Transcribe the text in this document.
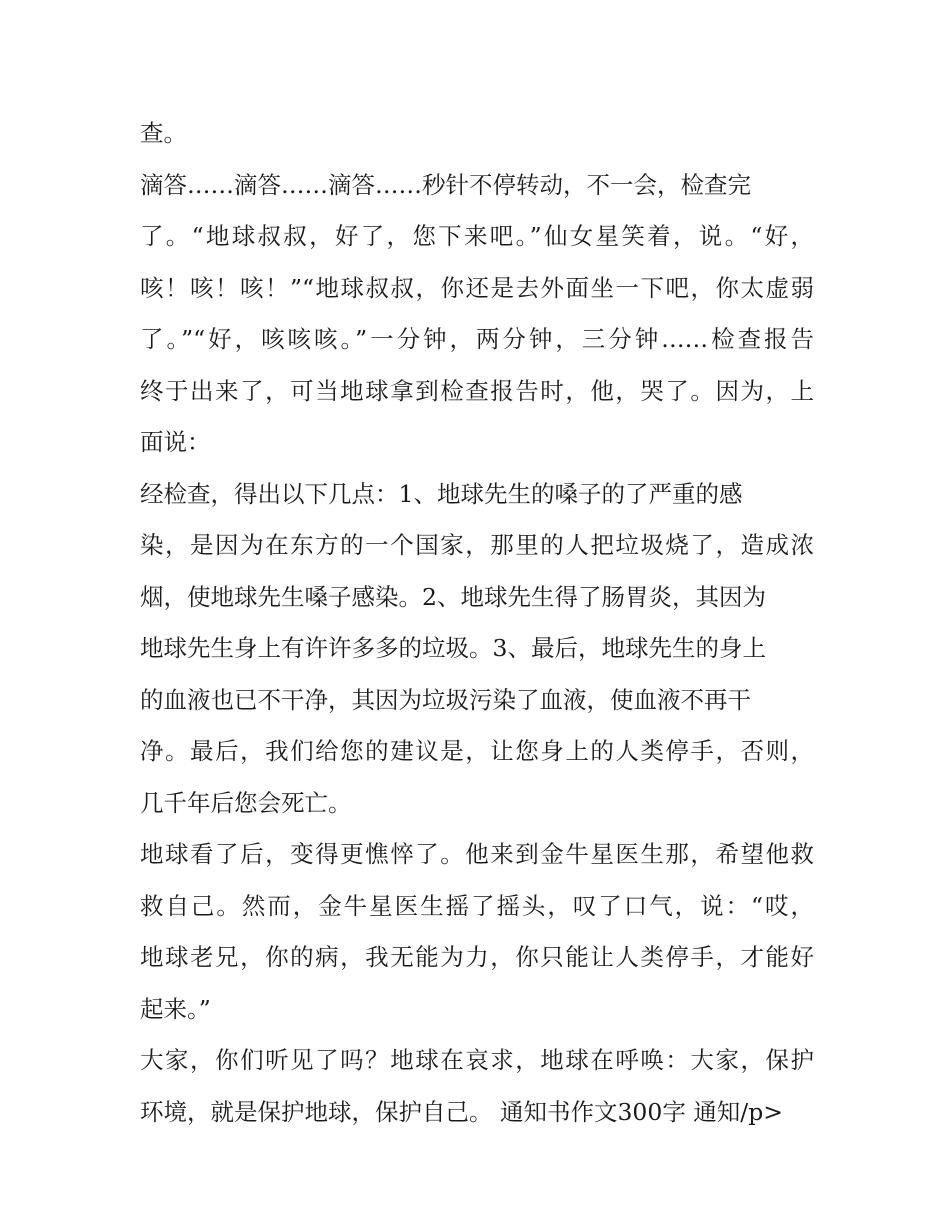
查。
滴答……滴答……滴答……秒针不停转动，不一会，检查完
了。“地球叔叔，好了，您下来吧。”仙女星笑着，说。“好，
咳！咳！咳！”“地球叔叔，你还是去外面坐一下吧，你太虚弱
了。”“好，咳咳咳。”一分钟，两分钟，三分钟……检查报告
终于出来了，可当地球拿到检查报告时，他，哭了。因为，上
面说：
经检查，得出以下几点：1、地球先生的嗓子的了严重的感
染，是因为在东方的一个国家，那里的人把垃圾烧了，造成浓
烟，使地球先生嗓子感染。2、地球先生得了肠胃炎，其因为
地球先生身上有许许多多的垃圾。3、最后，地球先生的身上
的血液也已不干净，其因为垃圾污染了血液，使血液不再干
净。最后，我们给您的建议是，让您身上的人类停手，否则，
几千年后您会死亡。
地球看了后，变得更憔悴了。他来到金牛星医生那，希望他救
救自己。然而，金牛星医生摇了摇头，叹了口气，说：“哎，
地球老兄，你的病，我无能为力，你只能让人类停手，才能好
起来。”
大家，你们听见了吗？地球在哀求，地球在呼唤：大家，保护
环境，就是保护地球，保护自己。 通知书作文300字 通知/p>
